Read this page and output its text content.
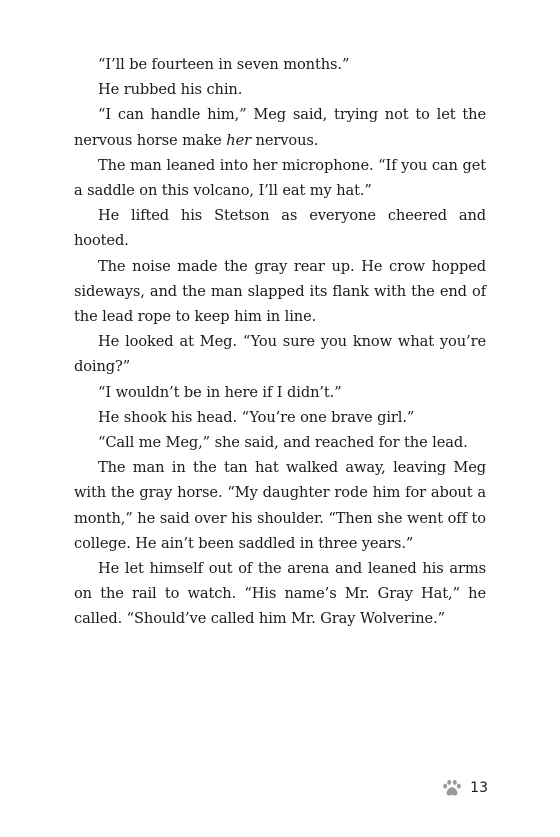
“I’ll be fourteen in seven months.”

He rubbed his chin.

“I can handle him,” Meg said, trying not to let the nervous horse make her nervous.

The man leaned into her microphone. “If you can get a saddle on this volcano, I’ll eat my hat.”

He lifted his Stetson as everyone cheered and hooted.

The noise made the gray rear up. He crow hopped sideways, and the man slapped its flank with the end of the lead rope to keep him in line.

He looked at Meg. “You sure you know what you’re doing?”

“I wouldn’t be in here if I didn’t.”

He shook his head. “You’re one brave girl.”

“Call me Meg,” she said, and reached for the lead.

The man in the tan hat walked away, leaving Meg with the gray horse. “My daughter rode him for about a month,” he said over his shoulder. “Then she went off to college. He ain’t been saddled in three years.”

He let himself out of the arena and leaned his arms on the rail to watch. “His name’s Mr. Gray Hat,” he called. “Should’ve called him Mr. Gray Wolverine.”

13
